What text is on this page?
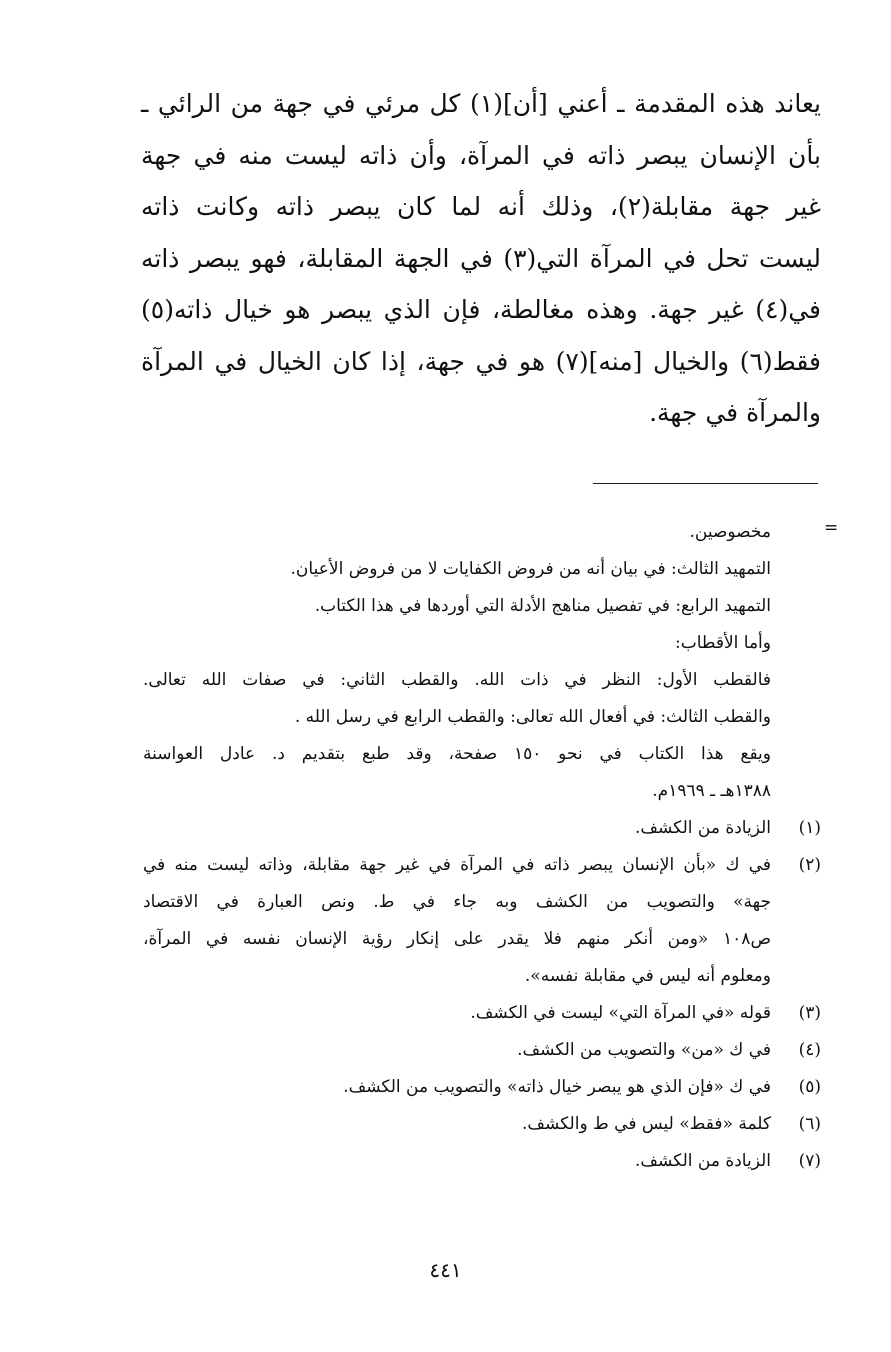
يعاند هذه المقدمة ـ أعني [أن](١) كل مرئي في جهة من الرائي ـ
بأن الإنسان يبصر ذاته في المرآة، وأن ذاته ليست منه في جهة
غير جهة مقابلة(٢)، وذلك أنه لما كان يبصر ذاته وكانت ذاته
ليست تحل في المرآة التي(٣) في الجهة المقابلة، فهو يبصر ذاته
في(٤) غير جهة. وهذه مغالطة، فإن الذي يبصر هو خيال ذاته(٥)
فقط(٦) والخيال [منه](٧) هو في جهة، إذا كان الخيال في المرآة
والمرآة في جهة.
=
مخصوصين.
التمهيد الثالث: في بيان أنه من فروض الكفايات لا من فروض الأعيان.
التمهيد الرابع: في تفصيل مناهج الأدلة التي أوردها في هذا الكتاب.
وأما الأقطاب:
فالقطب الأول: النظر في ذات الله. والقطب الثاني: في صفات الله تعالى.
والقطب الثالث: في أفعال الله تعالى: والقطب الرابع في رسل الله .
ويقع هذا الكتاب في نحو ١٥٠ صفحة، وقد طبع بتقديم د. عادل العواسنة
١٣٨٨هـ ـ ١٩٦٩م.
(١)
الزيادة من الكشف.
(٢)
في ك «بأن الإنسان يبصر ذاته في المرآة في غير جهة مقابلة، وذاته ليست منه في
جهة» والتصويب من الكشف وبه جاء في ط. ونص العبارة في الاقتصاد
ص١٠٨ «ومن أنكر منهم فلا يقدر على إنكار رؤية الإنسان نفسه في المرآة،
ومعلوم أنه ليس في مقابلة نفسه».
(٣)
قوله «في المرآة التي» ليست في الكشف.
(٤)
في ك «من» والتصويب من الكشف.
(٥)
في ك «فإن الذي هو يبصر خيال ذاته» والتصويب من الكشف.
(٦)
كلمة «فقط» ليس في ط والكشف.
(٧)
الزيادة من الكشف.
٤٤١
